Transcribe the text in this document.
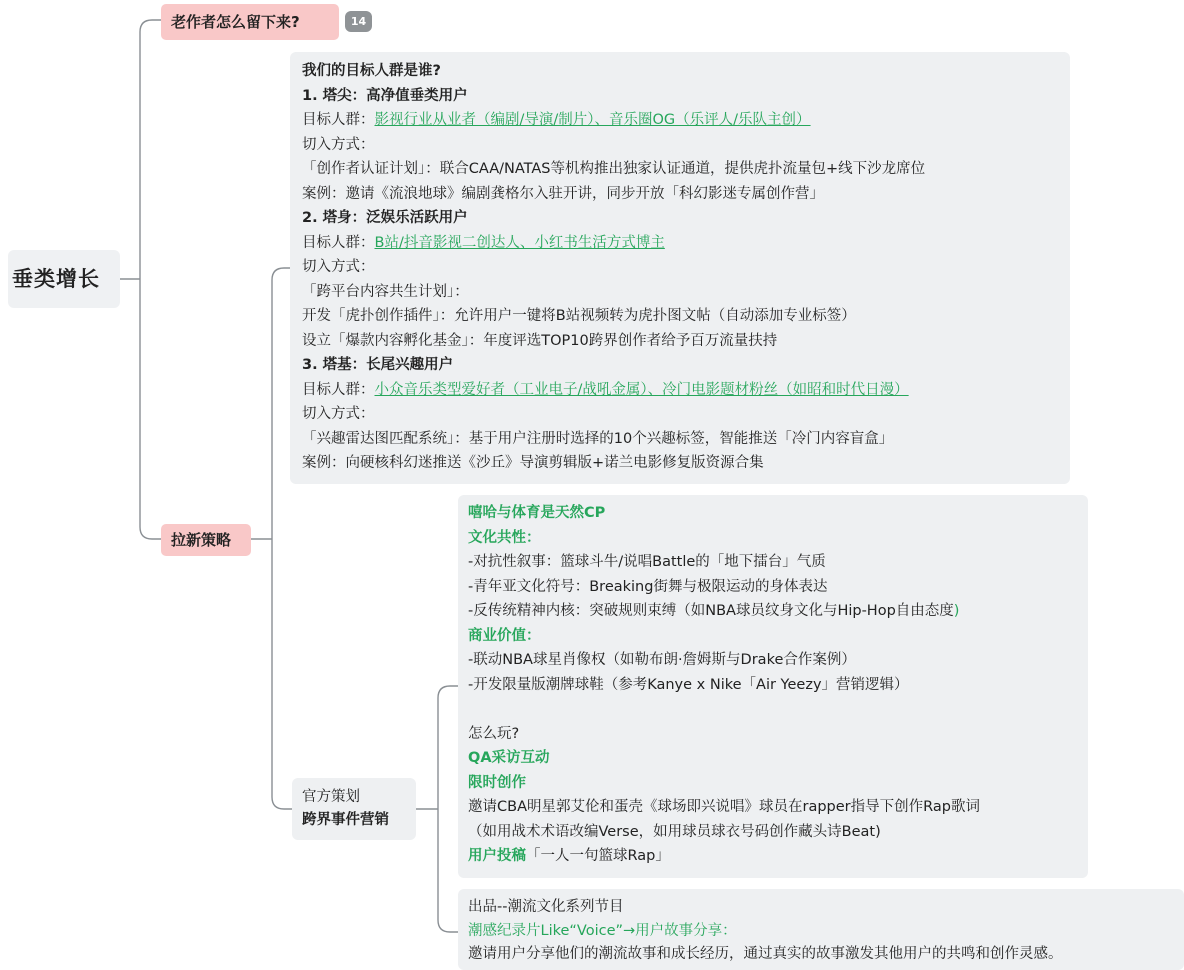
垂类增长
老作者怎么留下来?	14
拉新策略
我们的目标人群是谁?
1. 塔尖：高净值垂类用户
目标人群：影视行业从业者（编剧/导演/制片）、音乐圈OG（乐评人/乐队主创）
切入方式：
「创作者认证计划」：联合CAA/NATAS等机构推出独家认证通道，提供虎扑流量包+线下沙龙席位
案例：邀请《流浪地球》编剧龚格尔入驻开讲，同步开放「科幻影迷专属创作营」
2. 塔身：泛娱乐活跃用户
目标人群：B站/抖音影视二创达人、小红书生活方式博主
切入方式：
「跨平台内容共生计划」：
开发「虎扑创作插件」：允许用户一键将B站视频转为虎扑图文帖（自动添加专业标签）
设立「爆款内容孵化基金」：年度评选TOP10跨界创作者给予百万流量扶持
3. 塔基：长尾兴趣用户
目标人群：小众音乐类型爱好者（工业电子/战吼金属）、冷门电影题材粉丝（如昭和时代日漫）
切入方式：
「兴趣雷达图匹配系统」：基于用户注册时选择的10个兴趣标签，智能推送「冷门内容盲盒」
案例：向硬核科幻迷推送《沙丘》导演剪辑版+诺兰电影修复版资源合集
官方策划
跨界事件营销
嘻哈与体育是天然CP
文化共性：
-对抗性叙事：篮球斗牛/说唱Battle的「地下擂台」气质
-青年亚文化符号：Breaking街舞与极限运动的身体表达
-反传统精神内核：突破规则束缚（如NBA球员纹身文化与Hip-Hop自由态度)
商业价值：
-联动NBA球星肖像权（如勒布朗·詹姆斯与Drake合作案例）
-开发限量版潮牌球鞋（参考Kanye x Nike「Air Yeezy」营销逻辑）
怎么玩?
QA采访互动
限时创作
邀请CBA明星郭艾伦和蛋壳《球场即兴说唱》球员在rapper指导下创作Rap歌词
（如用战术术语改编Verse，如用球员球衣号码创作藏头诗Beat)
用户投稿「一人一句篮球Rap」
出品--潮流文化系列节目
潮感纪录片Like“Voice”→用户故事分享：
邀请用户分享他们的潮流故事和成长经历，通过真实的故事激发其他用户的共鸣和创作灵感。
